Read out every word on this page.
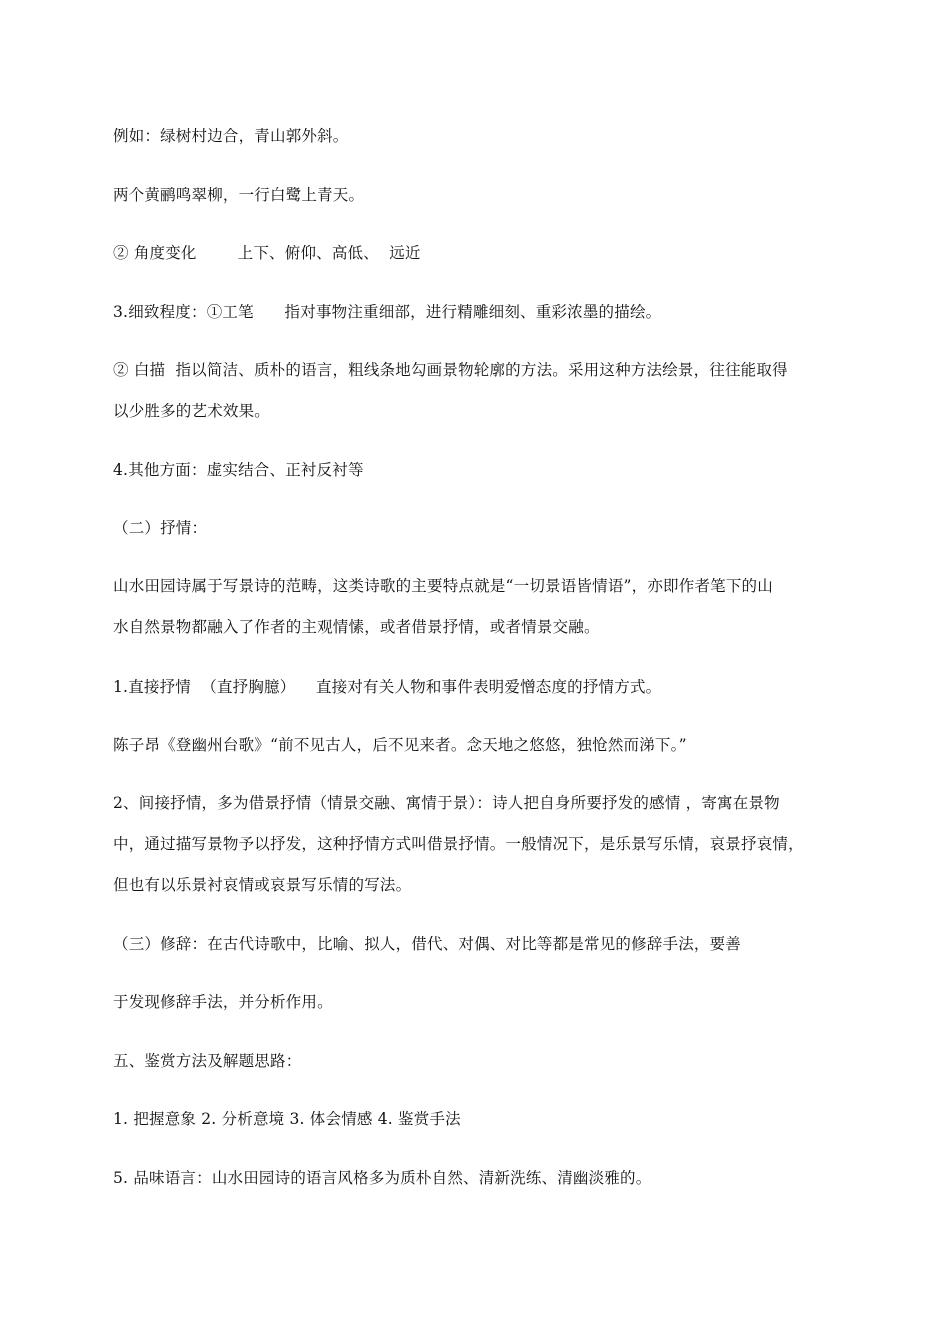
例如：绿树村边合，青山郭外斜。
两个黄鹂鸣翠柳，一行白鹭上青天。
② 角度变化        上下、俯仰、高低、  远近
3.细致程度：①工笔      指对事物注重细部，进行精雕细刻、重彩浓墨的描绘。
② 白描  指以简洁、质朴的语言，粗线条地勾画景物轮廓的方法。采用这种方法绘景，往往能取得
以少胜多的艺术效果。
4.其他方面：虚实结合、正衬反衬等
（二）抒情：
山水田园诗属于写景诗的范畴，这类诗歌的主要特点就是“一切景语皆情语”，亦即作者笔下的山
水自然景物都融入了作者的主观情愫，或者借景抒情，或者情景交融。
1.直接抒情  （直抒胸臆）    直接对有关人物和事件表明爱憎态度的抒情方式。
陈子昂《登幽州台歌》“前不见古人，后不见来者。念天地之悠悠，独怆然而涕下。”
2、间接抒情，多为借景抒情（情景交融、寓情于景）：诗人把自身所要抒发的感情 ，寄寓在景物
中，通过描写景物予以抒发，这种抒情方式叫借景抒情。一般情况下，是乐景写乐情，哀景抒哀情，
但也有以乐景衬哀情或哀景写乐情的写法。
（三）修辞：在古代诗歌中，比喻、拟人，借代、对偶、对比等都是常见的修辞手法，要善
于发现修辞手法，并分析作用。
五、鉴赏方法及解题思路：
1. 把握意象 2. 分析意境 3. 体会情感 4. 鉴赏手法
5. 品味语言：山水田园诗的语言风格多为质朴自然、清新洗练、清幽淡雅的。
